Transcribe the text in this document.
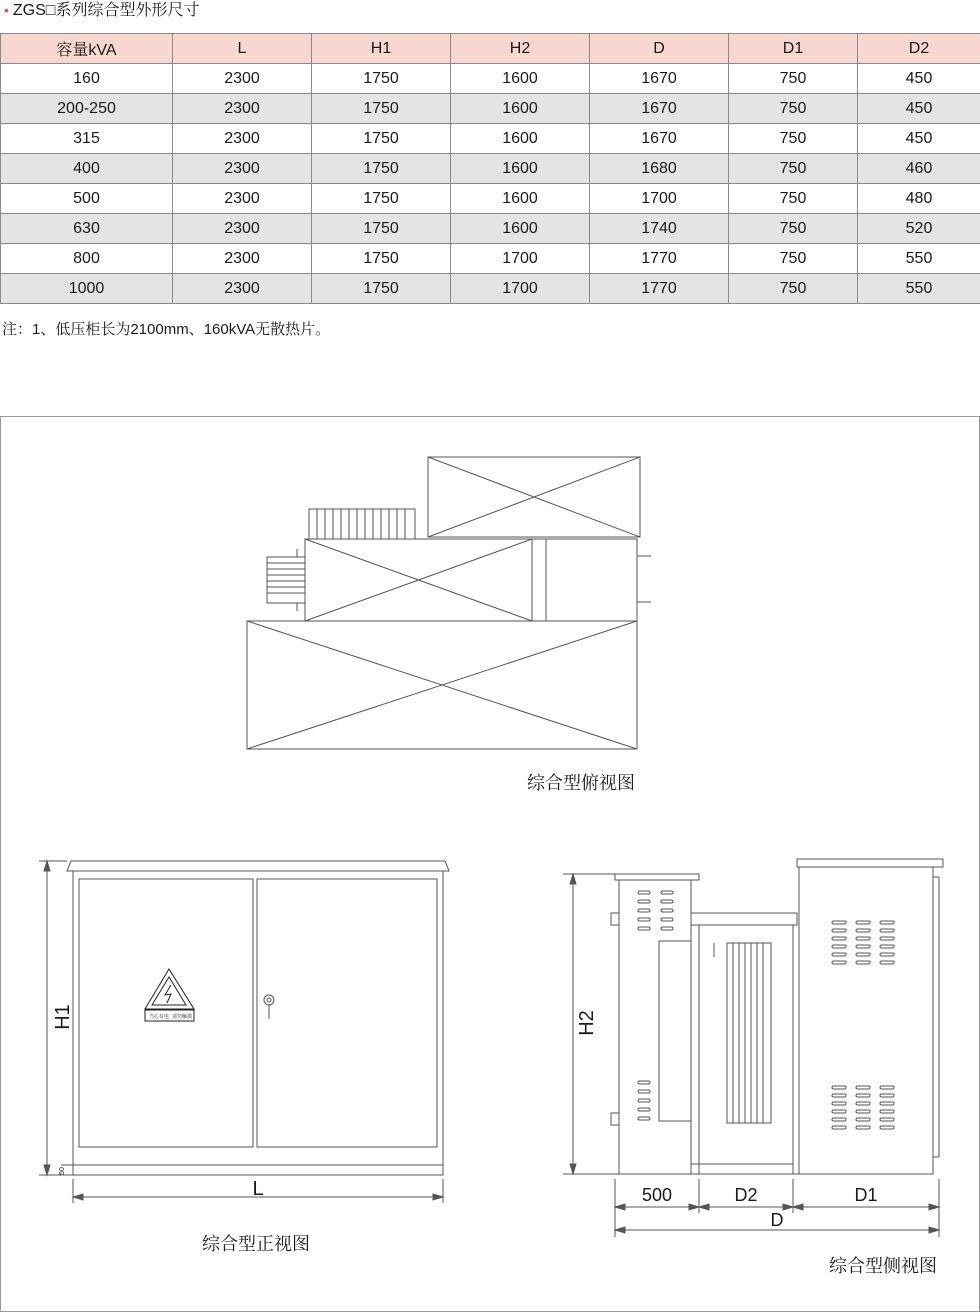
• ZGS□系列综合型外形尺寸
容量kVA	L	H1	H2	D	D1	D2
160	2300	1750	1600	1670	750	450
200-250	2300	1750	1600	1670	750	450
315	2300	1750	1600	1670	750	450
400	2300	1750	1600	1680	750	460
500	2300	1750	1600	1700	750	480
630	2300	1750	1600	1740	750	520
800	2300	1750	1700	1770	750	550
1000	2300	1750	1700	1770	750	550
注：1、低压柜长为2100mm、160kVA无散热片。
综合型俯视图
当心有电 请勿触摸
H1
50
L
综合型正视图
H2
500	D2	D1
D
综合型侧视图
